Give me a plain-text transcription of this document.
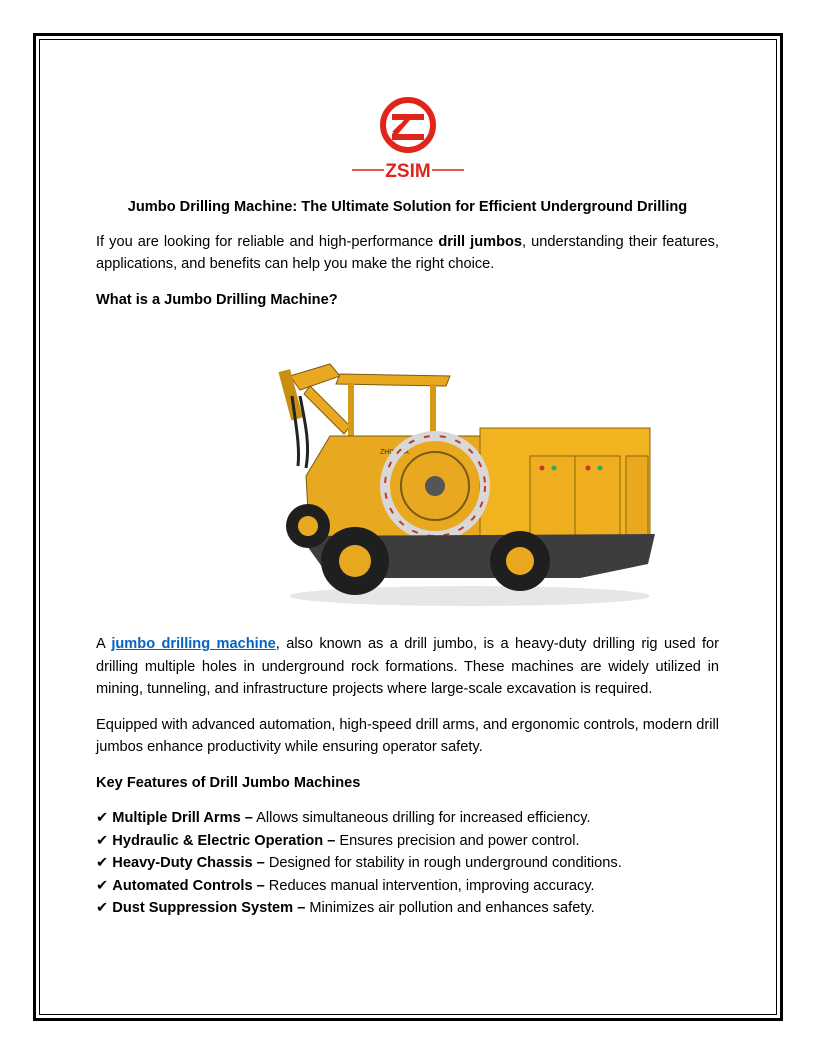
ZSIM
Jumbo Drilling Machine: The Ultimate Solution for Efficient Underground Drilling

If you are looking for reliable and high-performance drill jumbos, understanding their features, applications, and benefits can help you make the right choice.

What is a Jumbo Drilling Machine?

ZH05S-A

A jumbo drilling machine, also known as a drill jumbo, is a heavy-duty drilling rig used for drilling multiple holes in underground rock formations. These machines are widely utilized in mining, tunneling, and infrastructure projects where large-scale excavation is required.

Equipped with advanced automation, high-speed drill arms, and ergonomic controls, modern drill jumbos enhance productivity while ensuring operator safety.

Key Features of Drill Jumbo Machines

✔ Multiple Drill Arms – Allows simultaneous drilling for increased efficiency.
✔ Hydraulic & Electric Operation – Ensures precision and power control.
✔ Heavy-Duty Chassis – Designed for stability in rough underground conditions.
✔ Automated Controls – Reduces manual intervention, improving accuracy.
✔ Dust Suppression System – Minimizes air pollution and enhances safety.
